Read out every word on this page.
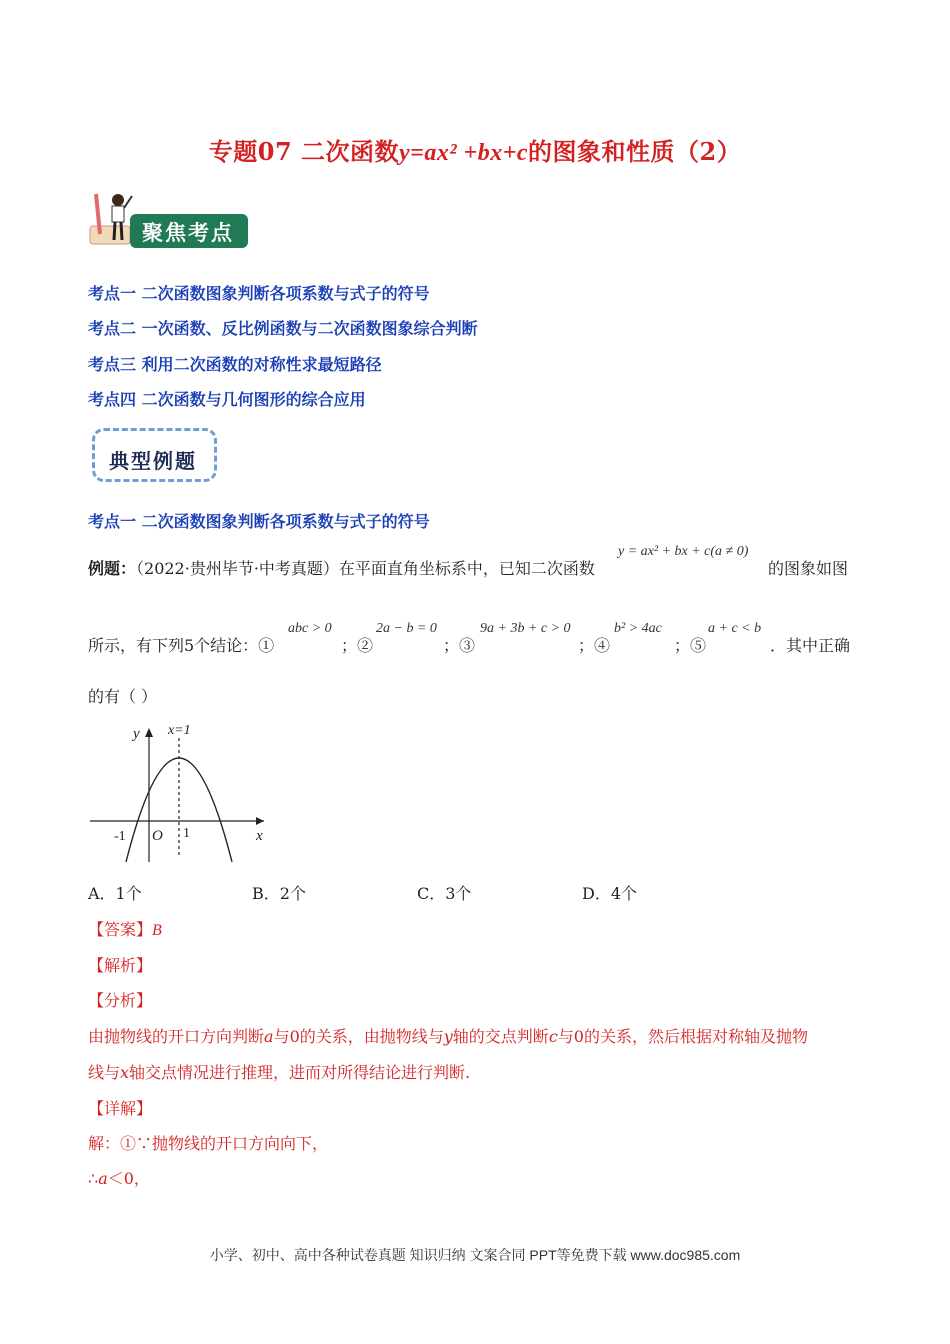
专题07 二次函数y=ax² +bx+c的图象和性质（2）
聚焦考点
考点一 二次函数图象判断各项系数与式子的符号
考点二 一次函数、反比例函数与二次函数图象综合判断
考点三 利用二次函数的对称性求最短路径
考点四 二次函数与几何图形的综合应用
典型例题
考点一 二次函数图象判断各项系数与式子的符号
例题：（2022·贵州毕节·中考真题）在平面直角坐标系中，已知二次函数
y = ax² + bx + c(a ≠ 0)
的图象如图
所示，有下列5个结论：①
abc > 0
；②
2a − b = 0
；③
9a + 3b + c > 0
；④
b² > 4ac
；⑤
a + c < b
．其中正确
的有（ ）
y
x
x=1
O
-1	1
A．1个	B．2个	C．3个	D．4个
【答案】B
【解析】
【分析】
由抛物线的开口方向判断a与0的关系，由抛物线与y轴的交点判断c与0的关系，然后根据对称轴及抛物
线与x轴交点情况进行推理，进而对所得结论进行判断.
【详解】
解：①∵抛物线的开口方向向下，
∴a＜0，
小学、初中、高中各种试卷真题 知识归纳 文案合同 PPT等免费下载 www.doc985.com
